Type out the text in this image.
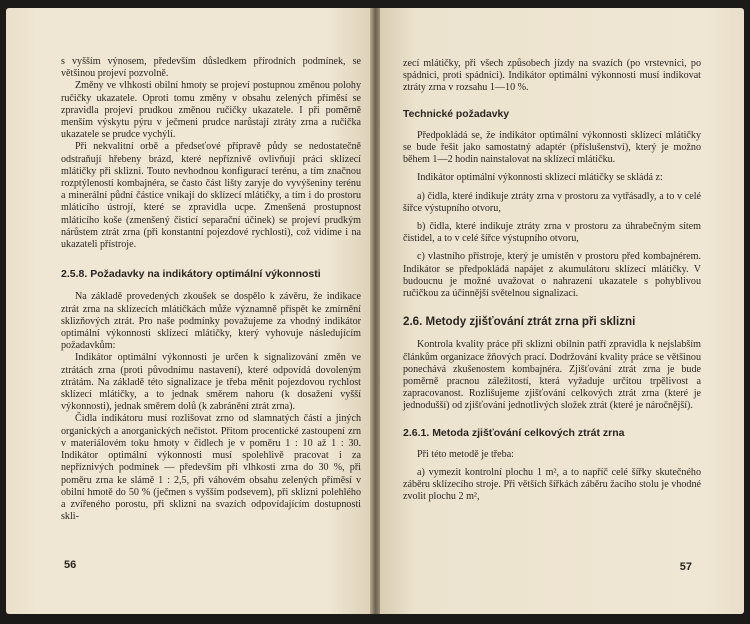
s vyšším výnosem, především důsledkem přírodních podmínek, se většinou projeví pozvolně.

Změny ve vlhkosti obilní hmoty se projeví postupnou změnou polohy ručičky ukazatele. Oproti tomu změny v obsahu zelených příměsí se zpravidla projeví prudkou změnou ručičky ukazatele. I při poměrně menším výskytu pýru v ječmeni prudce narůstají ztráty zrna a ručička ukazatele se prudce vychýlí.

Při nekvalitní orbě a předseťové přípravě půdy se nedostatečně odstraňují hřebeny brázd, které nepříznivě ovlivňují práci sklízecí mlátičky při sklizni. Touto nevhodnou konfigurací terénu, a tím značnou rozptýleností kombajnéra, se často část lišty zaryje do vyvýšeniny terénu a minerální půdní částice vnikají do sklízecí mlátičky, a tím i do prostoru mláticího ústrojí, které se zpravidla ucpe. Zmenšená prostupnost mláticího koše (zmenšený čisticí separační účinek) se projeví prudkým nárůstem ztrát zrna (při konstantní pojezdové rychlosti), což vidíme i na ukazateli přístroje.

2.5.8. Požadavky na indikátory optimální výkonnosti

Na základě provedených zkoušek se dospělo k závěru, že indikace ztrát zrna na sklízecích mlátičkách může významně přispět ke zmírnění sklizňových ztrát. Pro naše podmínky považujeme za vhodný indikátor optimální výkonnosti sklízecí mlátičky, který vyhovuje následujícím požadavkům:

Indikátor optimální výkonnosti je určen k signalizování změn ve ztrátách zrna (proti původnímu nastavení), které odpovídá dovoleným ztrátám. Na základě této signalizace je třeba měnit pojezdovou rychlost sklízecí mlátičky, a to jednak směrem nahoru (k dosažení vyšší výkonnosti), jednak směrem dolů (k zabránění ztrát zrna).

Čidla indikátoru musí rozlišovat zrno od slamnatých částí a jiných organických a anorganických nečistot. Přitom procentické zastoupení zrn v materiálovém toku hmoty v čidlech je v poměru 1 : 10 až 1 : 30. Indikátor optimální výkonnosti musí spolehlivě pracovat i za nepříznivých podmínek — především při vlhkosti zrna do 30 %, při poměru zrna ke slámě 1 : 2,5, při váhovém obsahu zelených příměsí v obilní hmotě do 50 % (ječmen s vyšším podsevem), při sklizni polehlého a zvířeného porostu, při sklizni na svazích odpovídajícím dostupnosti skli-

56

zecí mlátičky, při všech způsobech jízdy na svazích (po vrstevnici, po spádnici, proti spádnici). Indikátor optimální výkonnosti musí indikovat ztráty zrna v rozsahu 1—10 %.

Technické požadavky

Předpokládá se, že indikátor optimální výkonnosti sklízecí mlátičky se bude řešit jako samostatný adaptér (příslušenství), který je možno během 1—2 hodin nainstalovat na sklízecí mlátičku.

Indikátor optimální výkonnosti sklízecí mlátičky se skládá z:

a) čidla, které indikuje ztráty zrna v prostoru za vytřásadly, a to v celé šířce výstupního otvoru,

b) čidla, které indikuje ztráty zrna v prostoru za úhrabečným sítem čistidel, a to v celé šířce výstupního otvoru,

c) vlastního přístroje, který je umístěn v prostoru před kombajnérem. Indikátor se předpokládá napájet z akumulátoru sklízecí mlátičky. V budoucnu je možné uvažovat o nahrazení ukazatele s pohyblivou ručičkou za účinnější světelnou signalizaci.

2.6. Metody zjišťování ztrát zrna při sklizni

Kontrola kvality práce při sklizni obilnin patří zpravidla k nejslabším článkům organizace žňových prací. Dodržování kvality práce se většinou ponechává zkušenostem kombajnéra. Zjišťování ztrát zrna je bude poměrně pracnou záležitostí, která vyžaduje určitou trpělivost a zapracovanost. Rozlišujeme zjišťování celkových ztrát zrna (které je jednodušší) od zjišťování jednotlivých složek ztrát (které je náročnější).

2.6.1. Metoda zjišťování celkových ztrát zrna

Při této metodě je třeba:

a) vymezit kontrolní plochu 1 m², a to napříč celé šířky skutečného záběru sklízecího stroje. Při větších šířkách záběru žacího stolu je vhodné zvolit plochu 2 m²,

57
